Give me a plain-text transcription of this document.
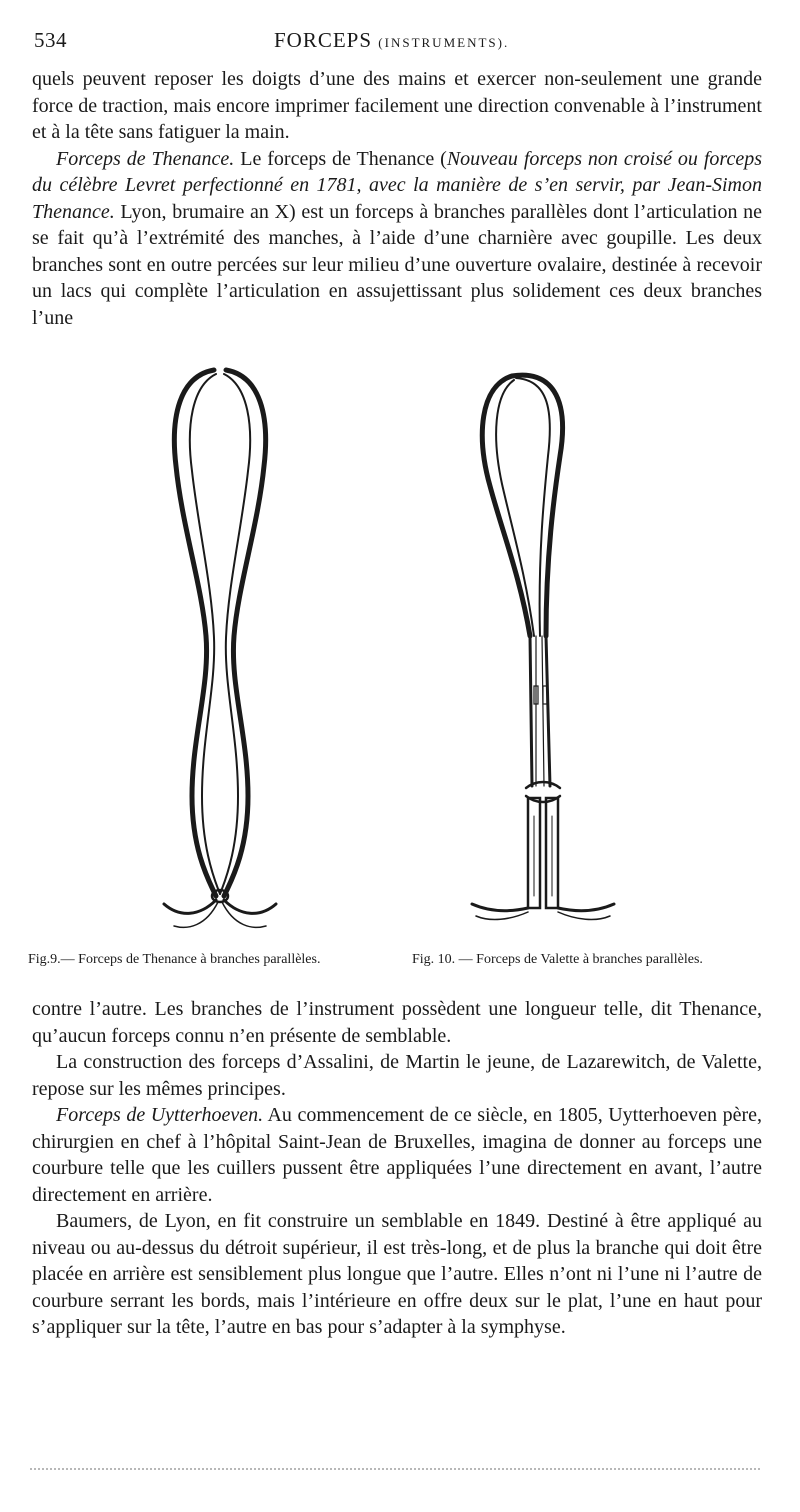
534	FORCEPS (INSTRUMENTS).

quels peuvent reposer les doigts d’une des mains et exercer non-seulement une grande force de traction, mais encore imprimer facilement une direction convenable à l’instrument et à la tête sans fatiguer la main.

Forceps de Thenance. Le forceps de Thenance (Nouveau forceps non croisé ou forceps du célèbre Levret perfectionné en 1781, avec la manière de s’en servir, par Jean-Simon Thenance. Lyon, brumaire an X) est un forceps à branches parallèles dont l’articulation ne se fait qu’à l’extrémité des manches, à l’aide d’une charnière avec goupille. Les deux branches sont en outre percées sur leur milieu d’une ouverture ovalaire, destinée à recevoir un lacs qui complète l’articulation en assujettissant plus solidement ces deux branches l’une

Fig.9.— Forceps de Thenance à branches parallèles.	Fig. 10. — Forceps de Valette à branches parallèles.

contre l’autre. Les branches de l’instrument possèdent une longueur telle, dit Thenance, qu’aucun forceps connu n’en présente de semblable.

La construction des forceps d’Assalini, de Martin le jeune, de Lazarewitch, de Valette, repose sur les mêmes principes.

Forceps de Uytterhoeven. Au commencement de ce siècle, en 1805, Uytterhoeven père, chirurgien en chef à l’hôpital Saint-Jean de Bruxelles, imagina de donner au forceps une courbure telle que les cuillers pussent être appliquées l’une directement en avant, l’autre directement en arrière.

Baumers, de Lyon, en fit construire un semblable en 1849. Destiné à être appliqué au niveau ou au-dessus du détroit supérieur, il est très-long, et de plus la branche qui doit être placée en arrière est sensiblement plus longue que l’autre. Elles n’ont ni l’une ni l’autre de courbure serrant les bords, mais l’intérieure en offre deux sur le plat, l’une en haut pour s’appliquer sur la tête, l’autre en bas pour s’adapter à la symphyse.
